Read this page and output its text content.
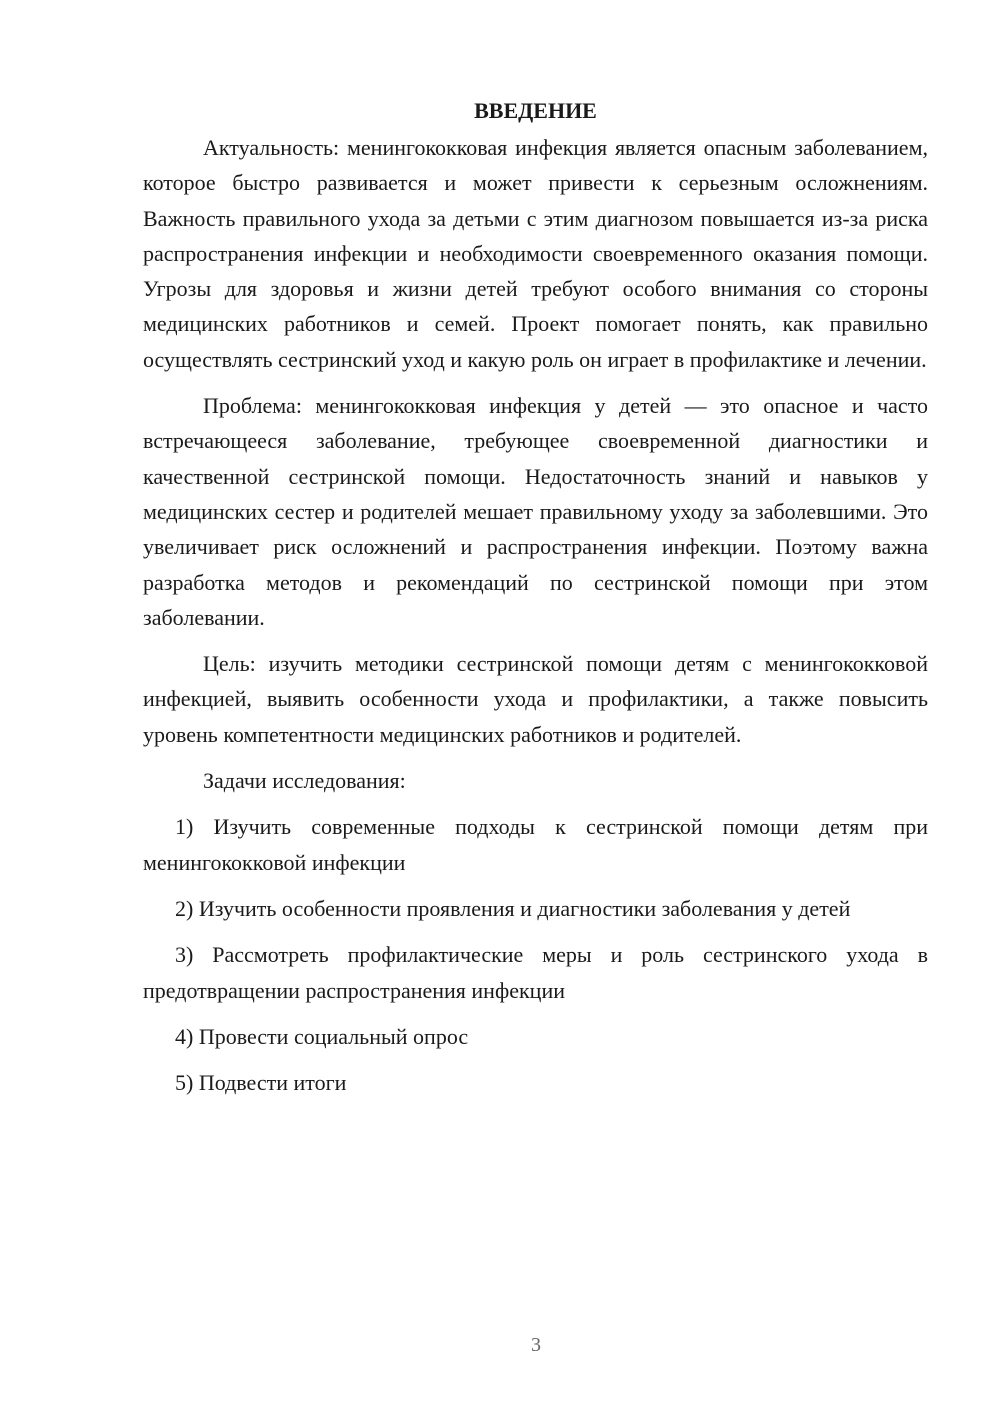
ВВЕДЕНИЕ

Актуальность: менингококковая инфекция является опасным заболеванием, которое быстро развивается и может привести к серьезным осложнениям. Важность правильного ухода за детьми с этим диагнозом повышается из-за риска распространения инфекции и необходимости своевременного оказания помощи. Угрозы для здоровья и жизни детей требуют особого внимания со стороны медицинских работников и семей. Проект помогает понять, как правильно осуществлять сестринский уход и какую роль он играет в профилактике и лечении.

Проблема: менингококковая инфекция у детей — это опасное и часто встречающееся заболевание, требующее своевременной диагностики и качественной сестринской помощи. Недостаточность знаний и навыков у медицинских сестер и родителей мешает правильному уходу за заболевшими. Это увеличивает риск осложнений и распространения инфекции. Поэтому важна разработка методов и рекомендаций по сестринской помощи при этом заболевании.

Цель: изучить методики сестринской помощи детям с менингококковой инфекцией, выявить особенности ухода и профилактики, а также повысить уровень компетентности медицинских работников и родителей.

Задачи исследования:

1) Изучить современные подходы к сестринской помощи детям при менингококковой инфекции

2) Изучить особенности проявления и диагностики заболевания у детей

3) Рассмотреть профилактические меры и роль сестринского ухода в предотвращении распространения инфекции

4) Провести социальный опрос

5) Подвести итоги

3
